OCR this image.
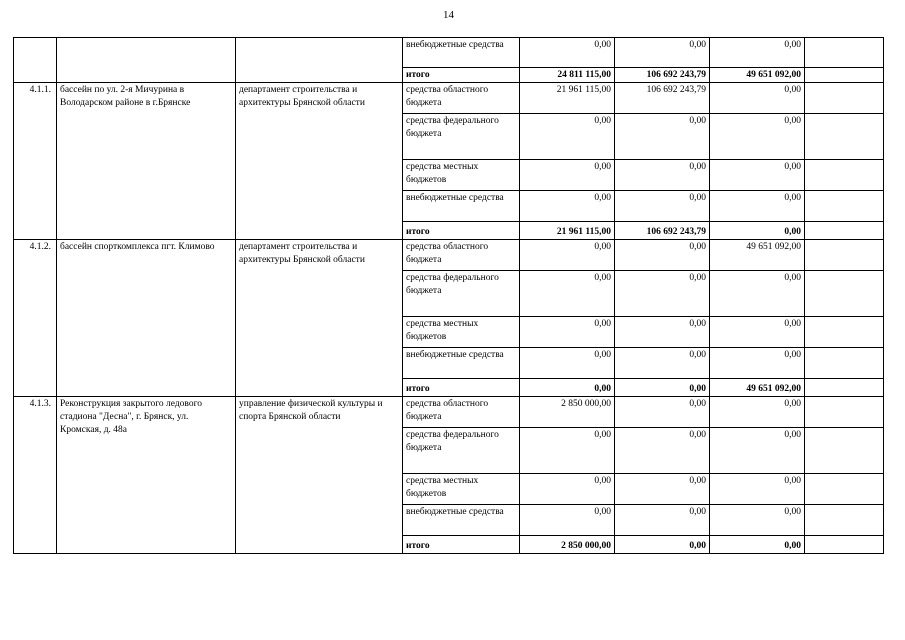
14
			внебюджетные средства	0,00	0,00	0,00	
			итого	24 811 115,00	106 692 243,79	49 651 092,00	
4.1.1.	бассейн по ул. 2-я Мичурина в Володарском районе в г.Брянске	департамент строительства и архитектуры Брянской области	средства областного бюджета	21 961 115,00	106 692 243,79	0,00	
			средства федерального бюджета	0,00	0,00	0,00	
			средства местных бюджетов	0,00	0,00	0,00	
			внебюджетные средства	0,00	0,00	0,00	
			итого	21 961 115,00	106 692 243,79	0,00	
4.1.2.	бассейн спорткомплекса пгт. Климово	департамент строительства и архитектуры Брянской области	средства областного бюджета	0,00	0,00	49 651 092,00	
			средства федерального бюджета	0,00	0,00	0,00	
			средства местных бюджетов	0,00	0,00	0,00	
			внебюджетные средства	0,00	0,00	0,00	
			итого	0,00	0,00	49 651 092,00	
4.1.3.	Реконструкция закрытого ледового стадиона "Десна", г. Брянск, ул. Кромская, д. 48а	управление физической культуры и спорта Брянской области	средства областного бюджета	2 850 000,00	0,00	0,00	
			средства федерального бюджета	0,00	0,00	0,00	
			средства местных бюджетов	0,00	0,00	0,00	
			внебюджетные средства	0,00	0,00	0,00	
			итого	2 850 000,00	0,00	0,00	
